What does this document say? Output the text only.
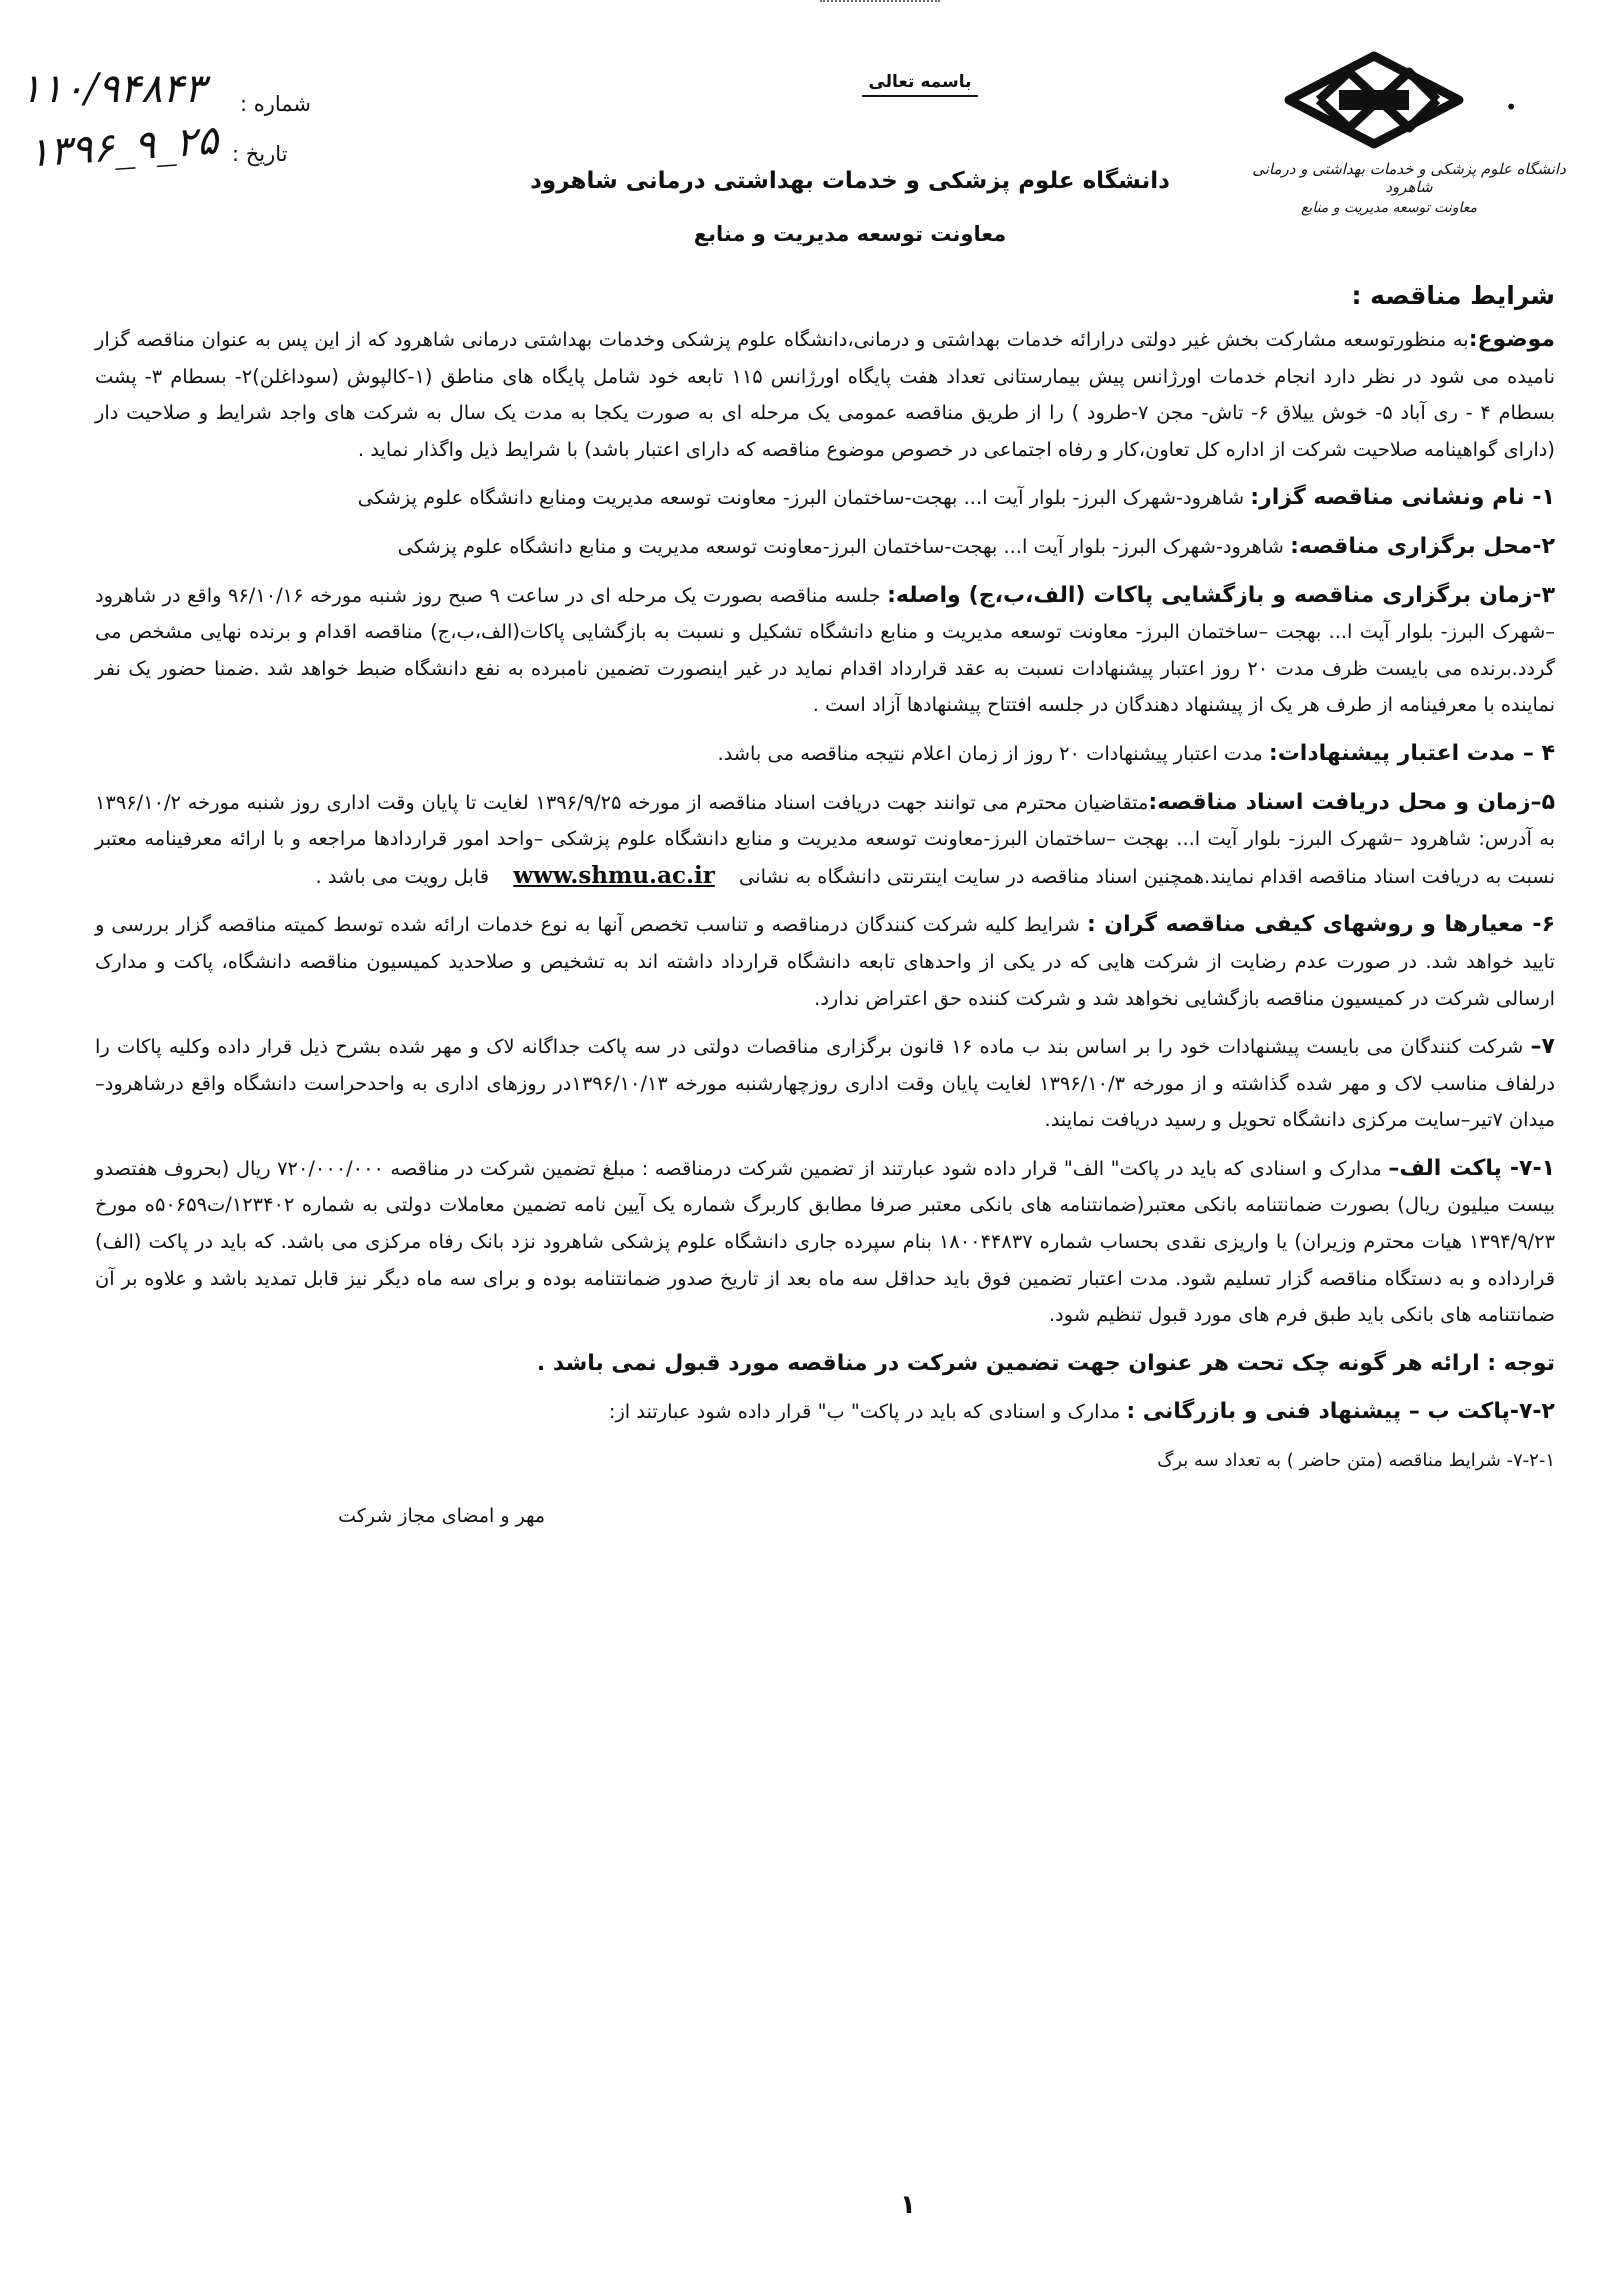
باسمه تعالی
دانشگاه علوم پزشکی و خدمات بهداشتی درمانی شاهرود
معاونت توسعه مدیریت و منابع
•
دانشگاه علوم پزشکی و خدمات بهداشتی و درمانی شاهرود
معاونت توسعه مدیریت و منابع
شماره :
تاریخ :
۱۱۰/۹۴۸۴۳
۱۳۹۶_۹_۲۵
شرایط مناقصه :
موضوع:به منظورتوسعه مشارکت بخش غیر دولتی درارائه خدمات بهداشتی و درمانی،دانشگاه علوم پزشکی وخدمات بهداشتی درمانی شاهرود که از این پس به عنوان مناقصه گزار نامیده می شود در نظر دارد انجام خدمات اورژانس پیش بیمارستانی تعداد هفت پایگاه اورژانس ۱۱۵ تابعه خود شامل پایگاه های مناطق (۱-کالپوش (سوداغلن)۲- بسطام ۳- پشت بسطام ۴ - ری آباد ۵- خوش ییلاق ۶- تاش- مجن ۷-طرود ) را از طریق مناقصه عمومی یک مرحله ای به صورت یکجا به مدت یک سال به شرکت های واجد شرایط و صلاحیت دار (دارای گواهینامه صلاحیت شرکت از اداره کل تعاون،کار و رفاه اجتماعی در خصوص موضوع مناقصه که دارای اعتبار باشد) با شرایط ذیل واگذار نماید .
۱- نام ونشانی مناقصه گزار: شاهرود-شهرک البرز- بلوار آیت ا... بهجت-ساختمان البرز- معاونت توسعه مدیریت ومنابع دانشگاه علوم پزشکی
۲-محل برگزاری مناقصه: شاهرود-شهرک البرز- بلوار آیت ا... بهجت-ساختمان البرز-معاونت توسعه مدیریت و منابع دانشگاه علوم پزشکی
۳-زمان برگزاری مناقصه و بازگشایی پاکات (الف،ب،ج) واصله: جلسه مناقصه بصورت یک مرحله ای در ساعت ۹ صبح روز شنبه مورخه ۹۶/۱۰/۱۶ واقع در شاهرود –شهرک البرز- بلوار آیت ا... بهجت –ساختمان البرز- معاونت توسعه مدیریت و منابع دانشگاه تشکیل و نسبت به بازگشایی پاکات(الف،ب،ج) مناقصه اقدام و برنده نهایی مشخص می گردد.برنده می بایست ظرف مدت ۲۰ روز اعتبار پیشنهادات نسبت به عقد قرارداد اقدام نماید در غیر اینصورت تضمین نامبرده به نفع دانشگاه ضبط خواهد شد .ضمنا حضور یک نفر نماینده با معرفینامه از طرف هر یک از پیشنهاد دهندگان در جلسه افتتاح پیشنهادها آزاد است .
۴ – مدت اعتبار پیشنهادات: مدت اعتبار پیشنهادات ۲۰ روز از زمان اعلام نتیجه مناقصه می باشد.
۵–زمان و محل دریافت اسناد مناقصه:متقاضیان محترم می توانند جهت دریافت اسناد مناقصه از مورخه ۱۳۹۶/۹/۲۵ لغایت تا پایان وقت اداری روز شنبه مورخه ۱۳۹۶/۱۰/۲ به آدرس: شاهرود –شهرک البرز- بلوار آیت ا... بهجت –ساختمان البرز-معاونت توسعه مدیریت و منابع دانشگاه علوم پزشکی –واحد امور قراردادها مراجعه و با ارائه معرفینامه معتبر نسبت به دریافت اسناد مناقصه اقدام نمایند.همچنین اسناد مناقصه در سایت اینترنتی دانشگاه به نشانی www.shmu.ac.ir قابل رویت می باشد .
۶- معیارها و روشهای کیفی مناقصه گران : شرایط کلیه شرکت کنندگان درمناقصه و تناسب تخصص آنها به نوع خدمات ارائه شده توسط کمیته مناقصه گزار بررسی و تایید خواهد شد. در صورت عدم رضایت از شرکت هایی که در یکی از واحدهای تابعه دانشگاه قرارداد داشته اند به تشخیص و صلاحدید کمیسیون مناقصه دانشگاه، پاکت و مدارک ارسالی شرکت در کمیسیون مناقصه بازگشایی نخواهد شد و شرکت کننده حق اعتراض ندارد.
۷– شرکت کنندگان می بایست پیشنهادات خود را بر اساس بند ب ماده ۱۶ قانون برگزاری مناقصات دولتی در سه پاکت جداگانه لاک و مهر شده بشرح ذیل قرار داده وکلیه پاکات را درلفاف مناسب لاک و مهر شده گذاشته و از مورخه ۱۳۹۶/۱۰/۳ لغایت پایان وقت اداری روزچهارشنبه مورخه ۱۳۹۶/۱۰/۱۳در روزهای اداری به واحدحراست دانشگاه واقع درشاهرود–میدان ۷تیر–سایت مرکزی دانشگاه تحویل و رسید دریافت نمایند.
۷-۱- پاکت الف– مدارک و اسنادی که باید در پاکت" الف" قرار داده شود عبارتند از تضمین شرکت درمناقصه : مبلغ تضمین شرکت در مناقصه ۷۲۰/۰۰۰/۰۰۰ ریال (بحروف هفتصدو بیست میلیون ریال) بصورت ضمانتنامه بانکی معتبر(ضمانتنامه های بانکی معتبر صرفا مطابق کاربرگ شماره یک آیین نامه تضمین معاملات دولتی به شماره ۱۲۳۴۰۲/ت۵۰۶۵۹ه مورخ ۱۳۹۴/۹/۲۳ هیات محترم وزیران) یا واریزی نقدی بحساب شماره ۱۸۰۰۴۴۸۳۷ بنام سپرده جاری دانشگاه علوم پزشکی شاهرود نزد بانک رفاه مرکزی می باشد. که باید در پاکت (الف) قرارداده و به دستگاه مناقصه گزار تسلیم شود. مدت اعتبار تضمین فوق باید حداقل سه ماه بعد از تاریخ صدور ضمانتنامه بوده و برای سه ماه دیگر نیز قابل تمدید باشد و علاوه بر آن ضمانتنامه های بانکی باید طبق فرم های مورد قبول تنظیم شود.
توجه : ارائه هر گونه چک تحت هر عنوان جهت تضمین شرکت در مناقصه مورد قبول نمی باشد .
۷-۲-پاکت ب – پیشنهاد فنی و بازرگانی : مدارک و اسنادی که باید در پاکت" ب" قرار داده شود عبارتند از:
۷-۲-۱- شرایط مناقصه (متن حاضر ) به تعداد سه برگ
مهر و امضای مجاز شرکت
۱
